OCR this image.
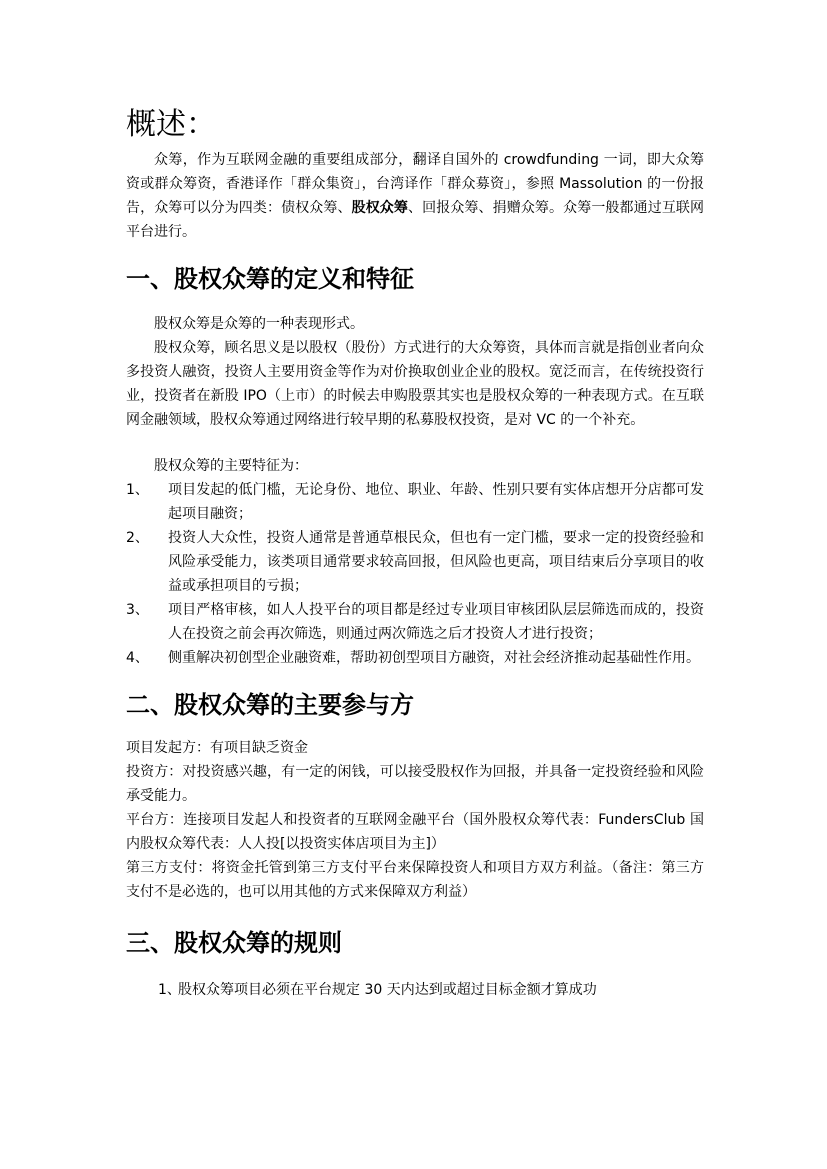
概述：

众筹，作为互联网金融的重要组成部分，翻译自国外的 crowdfunding 一词，即大众筹资或群众筹资，香港译作「群众集资」，台湾译作「群众募资」，参照 Massolution 的一份报告，众筹可以分为四类：债权众筹、股权众筹、回报众筹、捐赠众筹。众筹一般都通过互联网平台进行。

一、股权众筹的定义和特征

股权众筹是众筹的一种表现形式。

股权众筹，顾名思义是以股权（股份）方式进行的大众筹资，具体而言就是指创业者向众多投资人融资，投资人主要用资金等作为对价换取创业企业的股权。宽泛而言，在传统投资行业，投资者在新股 IPO（上市）的时候去申购股票其实也是股权众筹的一种表现方式。在互联网金融领域，股权众筹通过网络进行较早期的私募股权投资，是对 VC 的一个补充。

股权众筹的主要特征为：

1、 项目发起的低门槛，无论身份、地位、职业、年龄、性别只要有实体店想开分店都可发起项目融资；
2、 投资人大众性，投资人通常是普通草根民众，但也有一定门槛，要求一定的投资经验和风险承受能力，该类项目通常要求较高回报，但风险也更高，项目结束后分享项目的收益或承担项目的亏损；
3、 项目严格审核，如人人投平台的项目都是经过专业项目审核团队层层筛选而成的，投资人在投资之前会再次筛选，则通过两次筛选之后才投资人才进行投资；
4、 侧重解决初创型企业融资难，帮助初创型项目方融资，对社会经济推动起基础性作用。
二、股权众筹的主要参与方

项目发起方：有项目缺乏资金

投资方：对投资感兴趣，有一定的闲钱，可以接受股权作为回报，并具备一定投资经验和风险承受能力。

平台方：连接项目发起人和投资者的互联网金融平台（国外股权众筹代表：FundersClub 国内股权众筹代表：人人投[以投资实体店项目为主]）

第三方支付：将资金托管到第三方支付平台来保障投资人和项目方双方利益。（备注：第三方支付不是必选的，也可以用其他的方式来保障双方利益）

三、股权众筹的规则
1、
股权众筹项目必须在平台规定 30 天内达到或超过目标金额才算成功
